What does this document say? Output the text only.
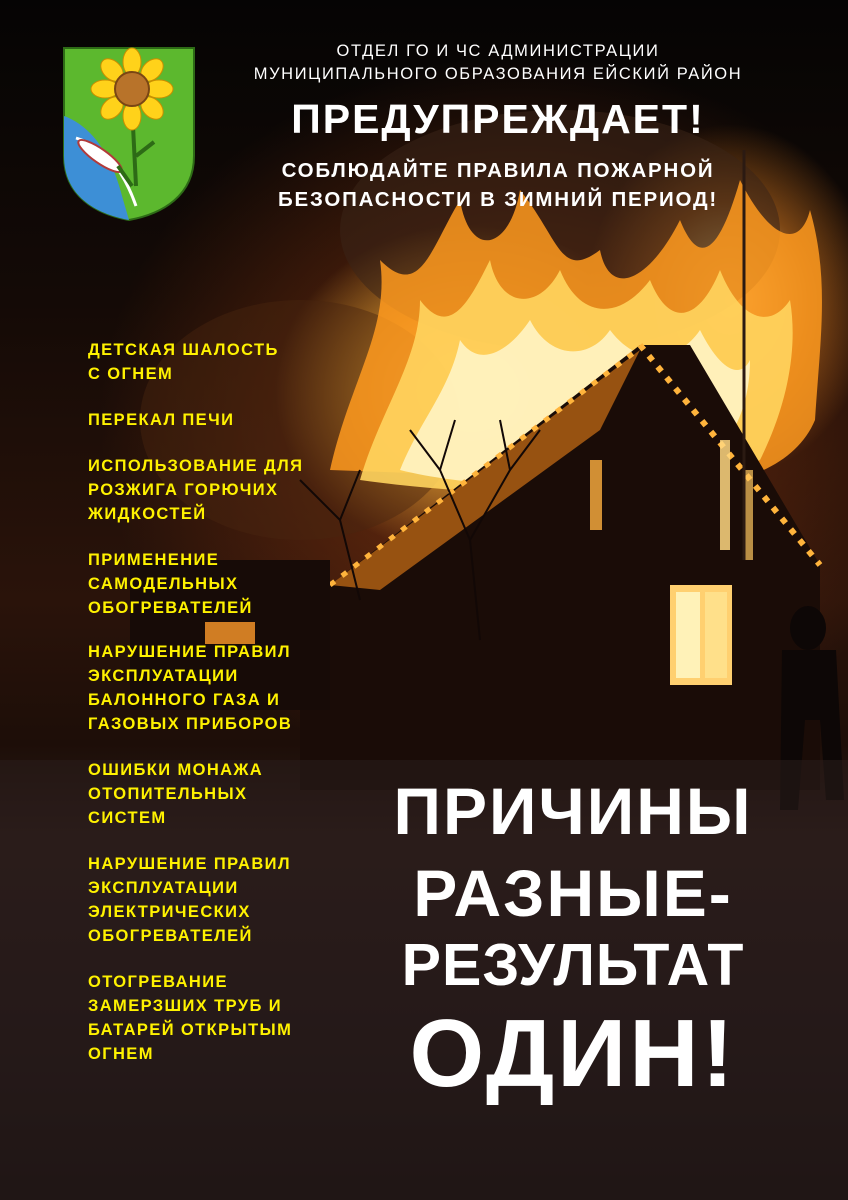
ОТДЕЛ ГО И ЧС АДМИНИСТРАЦИИ
МУНИЦИПАЛЬНОГО ОБРАЗОВАНИЯ ЕЙСКИЙ РАЙОН
ПРЕДУПРЕЖДАЕТ!
СОБЛЮДАЙТЕ ПРАВИЛА ПОЖАРНОЙ
БЕЗОПАСНОСТИ В ЗИМНИЙ ПЕРИОД!

ДЕТСКАЯ ШАЛОСТЬ
С ОГНЕМ

ПЕРЕКАЛ ПЕЧИ

ИСПОЛЬЗОВАНИЕ ДЛЯ
РОЗЖИГА ГОРЮЧИХ
ЖИДКОСТЕЙ

ПРИМЕНЕНИЕ
САМОДЕЛЬНЫХ
ОБОГРЕВАТЕЛЕЙ

НАРУШЕНИЕ ПРАВИЛ
ЭКСПЛУАТАЦИИ
БАЛОННОГО ГАЗА И
ГАЗОВЫХ ПРИБОРОВ

ОШИБКИ МОНАЖА
ОТОПИТЕЛЬНЫХ
СИСТЕМ

НАРУШЕНИЕ ПРАВИЛ
ЭКСПЛУАТАЦИИ
ЭЛЕКТРИЧЕСКИХ
ОБОГРЕВАТЕЛЕЙ

ОТОГРЕВАНИЕ
ЗАМЕРЗШИХ ТРУБ И
БАТАРЕЙ ОТКРЫТЫМ
ОГНЕМ

ПРИЧИНЫ

РАЗНЫЕ-

РЕЗУЛЬТАТ

ОДИН!
